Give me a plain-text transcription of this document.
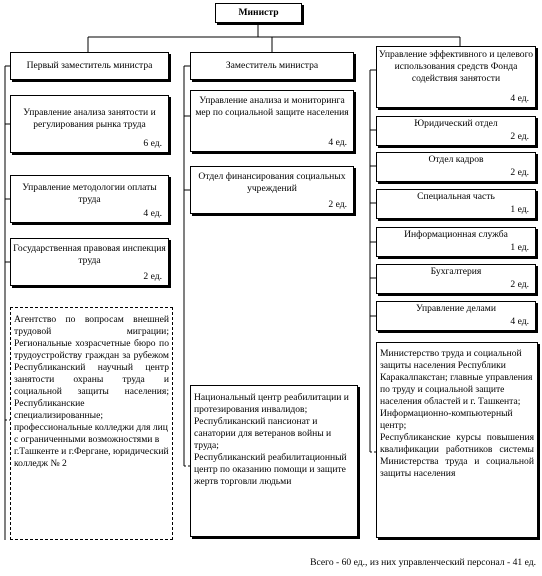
Министр
Первый заместитель министра	Заместитель министра
Управление анализа занятости и регулирования рынка труда
6 ед.
Управление методологии оплаты труда
4 ед.
Государственная правовая инспекция труда
2 ед.
Агентство по вопросам внешней трудовой миграции;
Региональные хозрасчетные бюро по трудоустройству граждан за рубежом
Республиканский научный центр занятости охраны труда и социальной защиты населения;
Республиканские специализированные; профессиональные колледжи для лиц с ограниченными возможностями в г.Ташкенте и г.Фергане, юридический колледж № 2
Управление анализа и мониторинга мер по социальной защите населения
4 ед.
Отдел финансирования социальных учреждений
2 ед.
Национальный центр реабилитации и протезирования инвалидов;
Республиканский пансионат и санатории для ветеранов войны и труда;
Республиканский реабилитационный центр по оказанию помощи и защите жертв торговли людьми
Управление эффективного и целевого использования средств Фонда содействия занятости
4 ед.
Юридический отдел
2 ед.
Отдел кадров
2 ед.
Специальная часть
1 ед.
Информационная служба
1 ед.
Бухгалтерия
2 ед.
Управление делами
4 ед.
Министерство труда и социальной защиты населения Республики Каракалпакстан; главные управления по труду и социальной защите населения областей и г. Ташкента;
Информационно-компьютерный центр;
Республиканские курсы повышения квалификации работников системы Министерства труда и социальной защиты населения
Всего - 60 ед., из них управленческий персонал - 41 ед.
